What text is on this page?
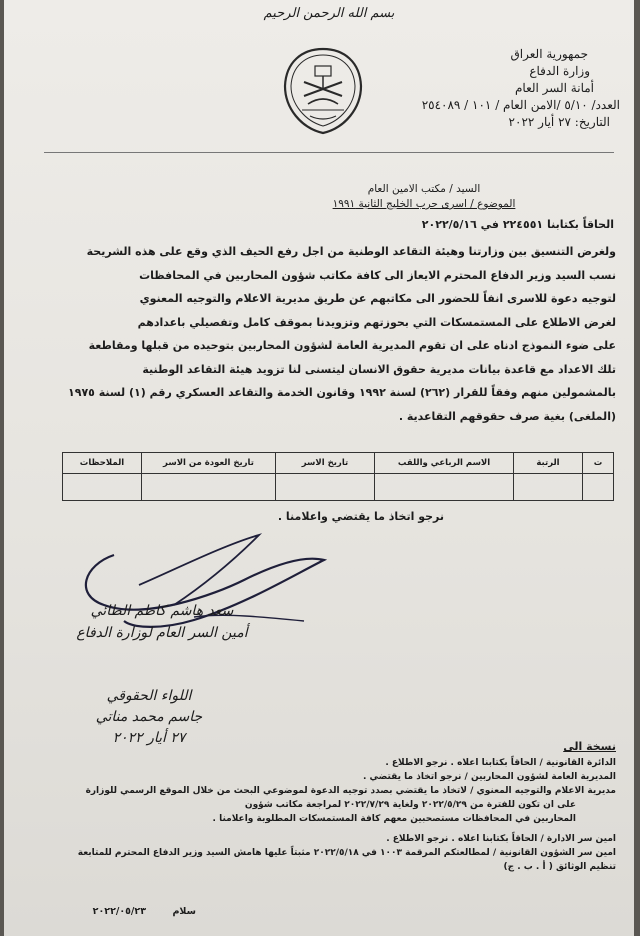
بسم الله الرحمن الرحيم
جمهورية العراق
وزارة الدفاع
أمانة السر العام
العدد/ ٥/١٠ /الامن العام / ١٠١ / ٢٥٤٠٨٩
التاريخ: ٢٧ أيار ٢٠٢٢
السيد / مكتب الامين العام
الموضوع / اسرى حرب الخليج الثانية ١٩٩١
الحاقاً بكتابنا ٢٢٤٥٥١ في ٢٠٢٢/٥/١٦
ولغرض التنسيق بين وزارتنا وهيئة التقاعد الوطنية من اجل رفع الحيف الذي وقع على هذه الشريحة
نسب السيد وزير الدفاع المحترم الايعاز الى كافة مكاتب شؤون المحاربين في المحافظات
لتوجيه دعوة للاسرى انفاً للحضور الى مكاتبهم عن طريق مديرية الاعلام والتوجيه المعنوي
لغرض الاطلاع على المستمسكات التي بحوزتهم وتزويدنا بموقف كامل وتفصيلي باعدادهم
على ضوء النموذج ادناه على ان تقوم المديرية العامة لشؤون المحاربين بتوحيده من قبلها ومقاطعة
تلك الاعداد مع قاعدة بيانات مديرية حقوق الانسان ليتسنى لنا تزويد هيئة التقاعد الوطنية
بالمشمولين منهم وفقاً للقرار (٢٦٢) لسنة ١٩٩٢ وقانون الخدمة والتقاعد العسكري رقم (١) لسنة ١٩٧٥
(الملغى) بغية صرف حقوقهم التقاعدية .
ت	الرتبة	الاسم الرباعي واللقب	تاريخ الاسر	تاريخ العودة من الاسر	الملاحظات

نرجو اتخاذ ما يقتضي واعلامنا .
سعد هاشم كاظم الطائي
أمين السر العام لوزارة الدفاع
اللواء الحقوقي
جاسم محمد مناتي
٢٧ أيار ٢٠٢٢
نسخة الى
الدائرة القانونية / الحاقاً بكتابنا اعلاه . نرجو الاطلاع .
المديرية العامة لشؤون المحاربين / نرجو اتخاذ ما يقتضي .
مديرية الاعلام والتوجيه المعنوي / لاتخاذ ما يقتضي بصدد توجيه الدعوة لموضوعي البحث من خلال الموقع الرسمي للوزارة
على ان تكون للفترة من ٢٠٢٢/٥/٢٩ ولغاية ٢٠٢٢/٧/٢٩ لمراجعة مكاتب شؤون
المحاربين في المحافظات مستصحبين معهم كافة المستمسكات المطلوبة واعلامنا .
امين سر الادارة / الحاقاً بكتابنا اعلاه . نرجو الاطلاع .
امين سر الشؤون القانونية / لمطالعتكم المرقمة ١٠٠٣ في ٢٠٢٢/٥/١٨ مثبتاً عليها هامش السيد وزير الدفاع المحترم للمتابعة
تنظيم الوثائق ( أ . ب . ج)
سلام
٢٠٢٢/٠٥/٢٣
